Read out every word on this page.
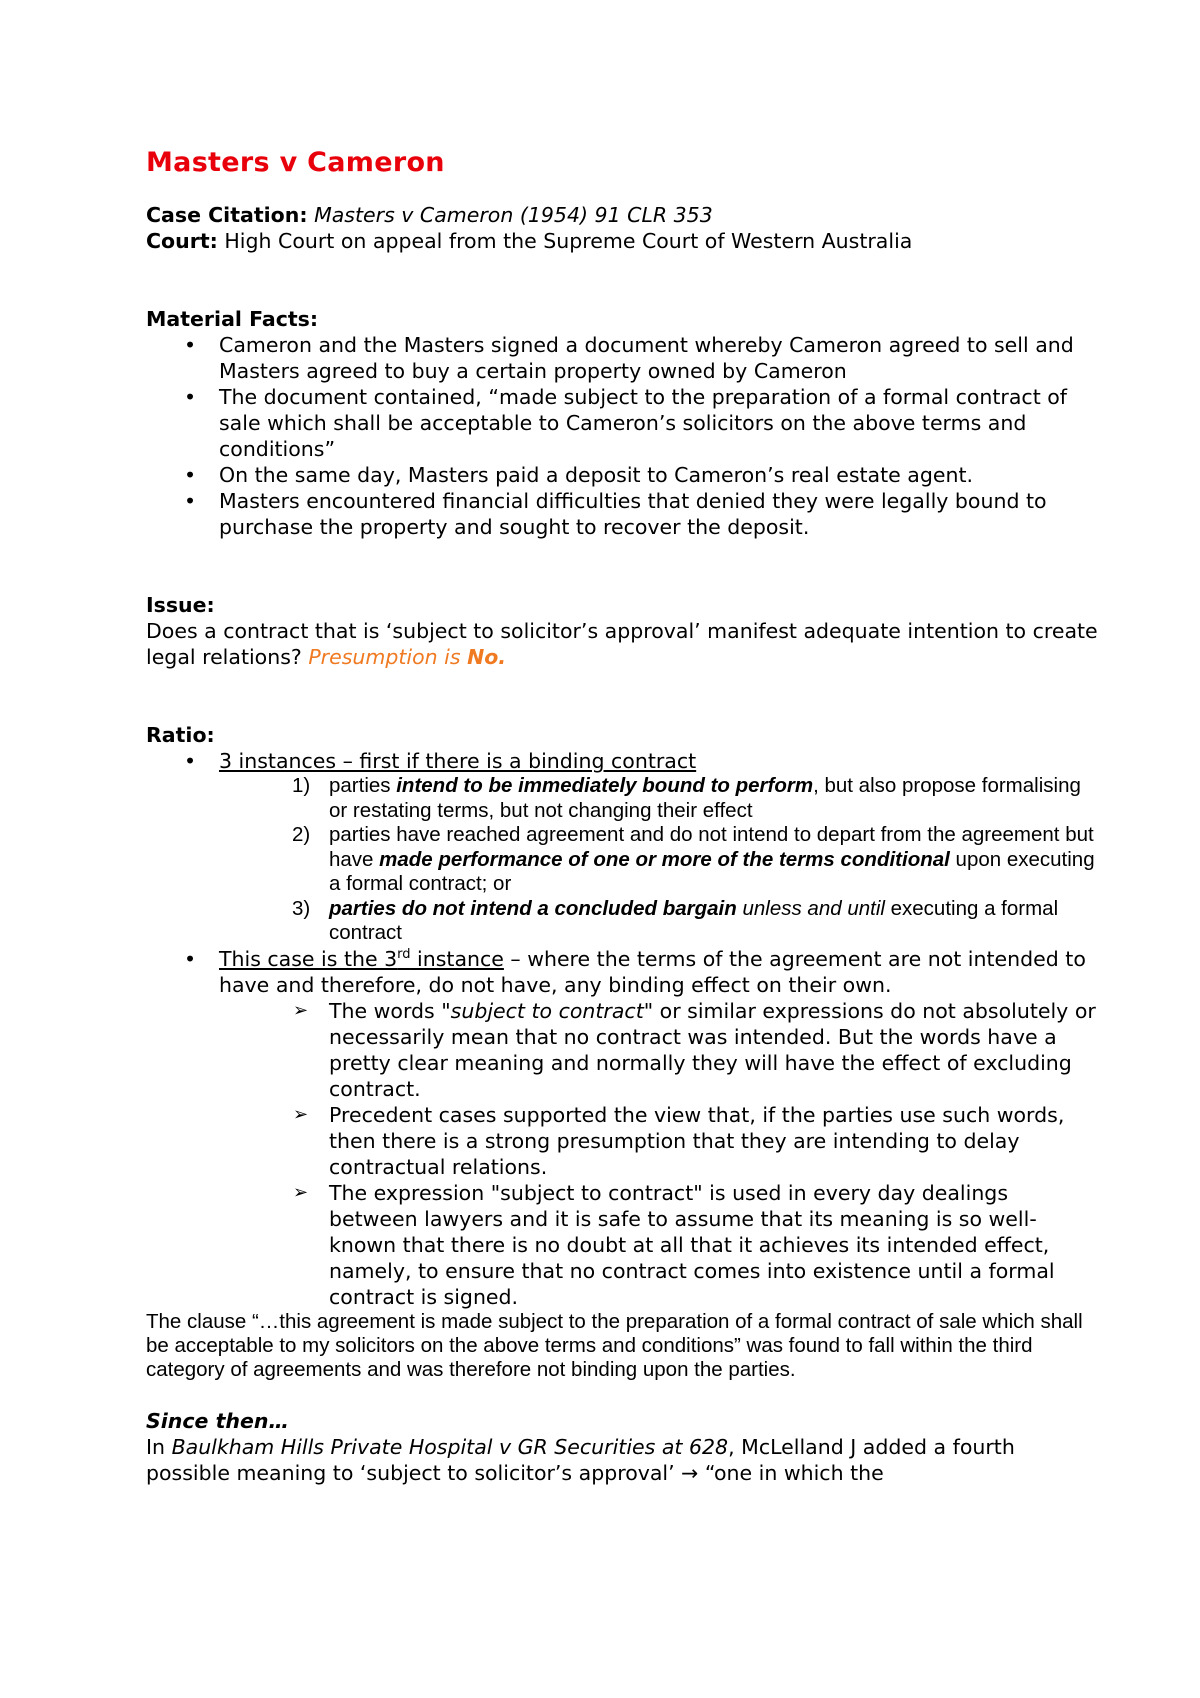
Masters v Cameron

Case Citation: Masters v Cameron (1954) 91 CLR 353

Court: High Court on appeal from the Supreme Court of Western Australia

Material Facts:

• Cameron and the Masters signed a document whereby Cameron agreed to sell and Masters agreed to buy a certain property owned by Cameron
• The document contained, “made subject to the preparation of a formal contract of sale which shall be acceptable to Cameron’s solicitors on the above terms and conditions”
• On the same day, Masters paid a deposit to Cameron’s real estate agent.
• Masters encountered financial difficulties that denied they were legally bound to purchase the property and sought to recover the deposit.

Issue:

Does a contract that is ‘subject to solicitor’s approval’ manifest adequate intention to create legal relations? Presumption is No.

Ratio:

• 3 instances – first if there is a binding contract
1) parties intend to be immediately bound to perform, but also propose formalising or restating terms, but not changing their effect
2) parties have reached agreement and do not intend to depart from the agreement but have made performance of one or more of the terms conditional upon executing a formal contract; or
3) parties do not intend a concluded bargain unless and until executing a formal contract
• This case is the 3rd instance – where the terms of the agreement are not intended to have and therefore, do not have, any binding effect on their own.
➢ The words "subject to contract" or similar expressions do not absolutely or necessarily mean that no contract was intended. But the words have a pretty clear meaning and normally they will have the effect of excluding contract.
➢ Precedent cases supported the view that, if the parties use such words, then there is a strong presumption that they are intending to delay contractual relations.
➢ The expression "subject to contract" is used in every day dealings between lawyers and it is safe to assume that its meaning is so well-known that there is no doubt at all that it achieves its intended effect, namely, to ensure that no contract comes into existence until a formal contract is signed.

The clause “…this agreement is made subject to the preparation of a formal contract of sale which shall be acceptable to my solicitors on the above terms and conditions” was found to fall within the third category of agreements and was therefore not binding upon the parties.

Since then…

In Baulkham Hills Private Hospital v GR Securities at 628, McLelland J added a fourth possible meaning to ‘subject to solicitor’s approval’ → “one in which the
